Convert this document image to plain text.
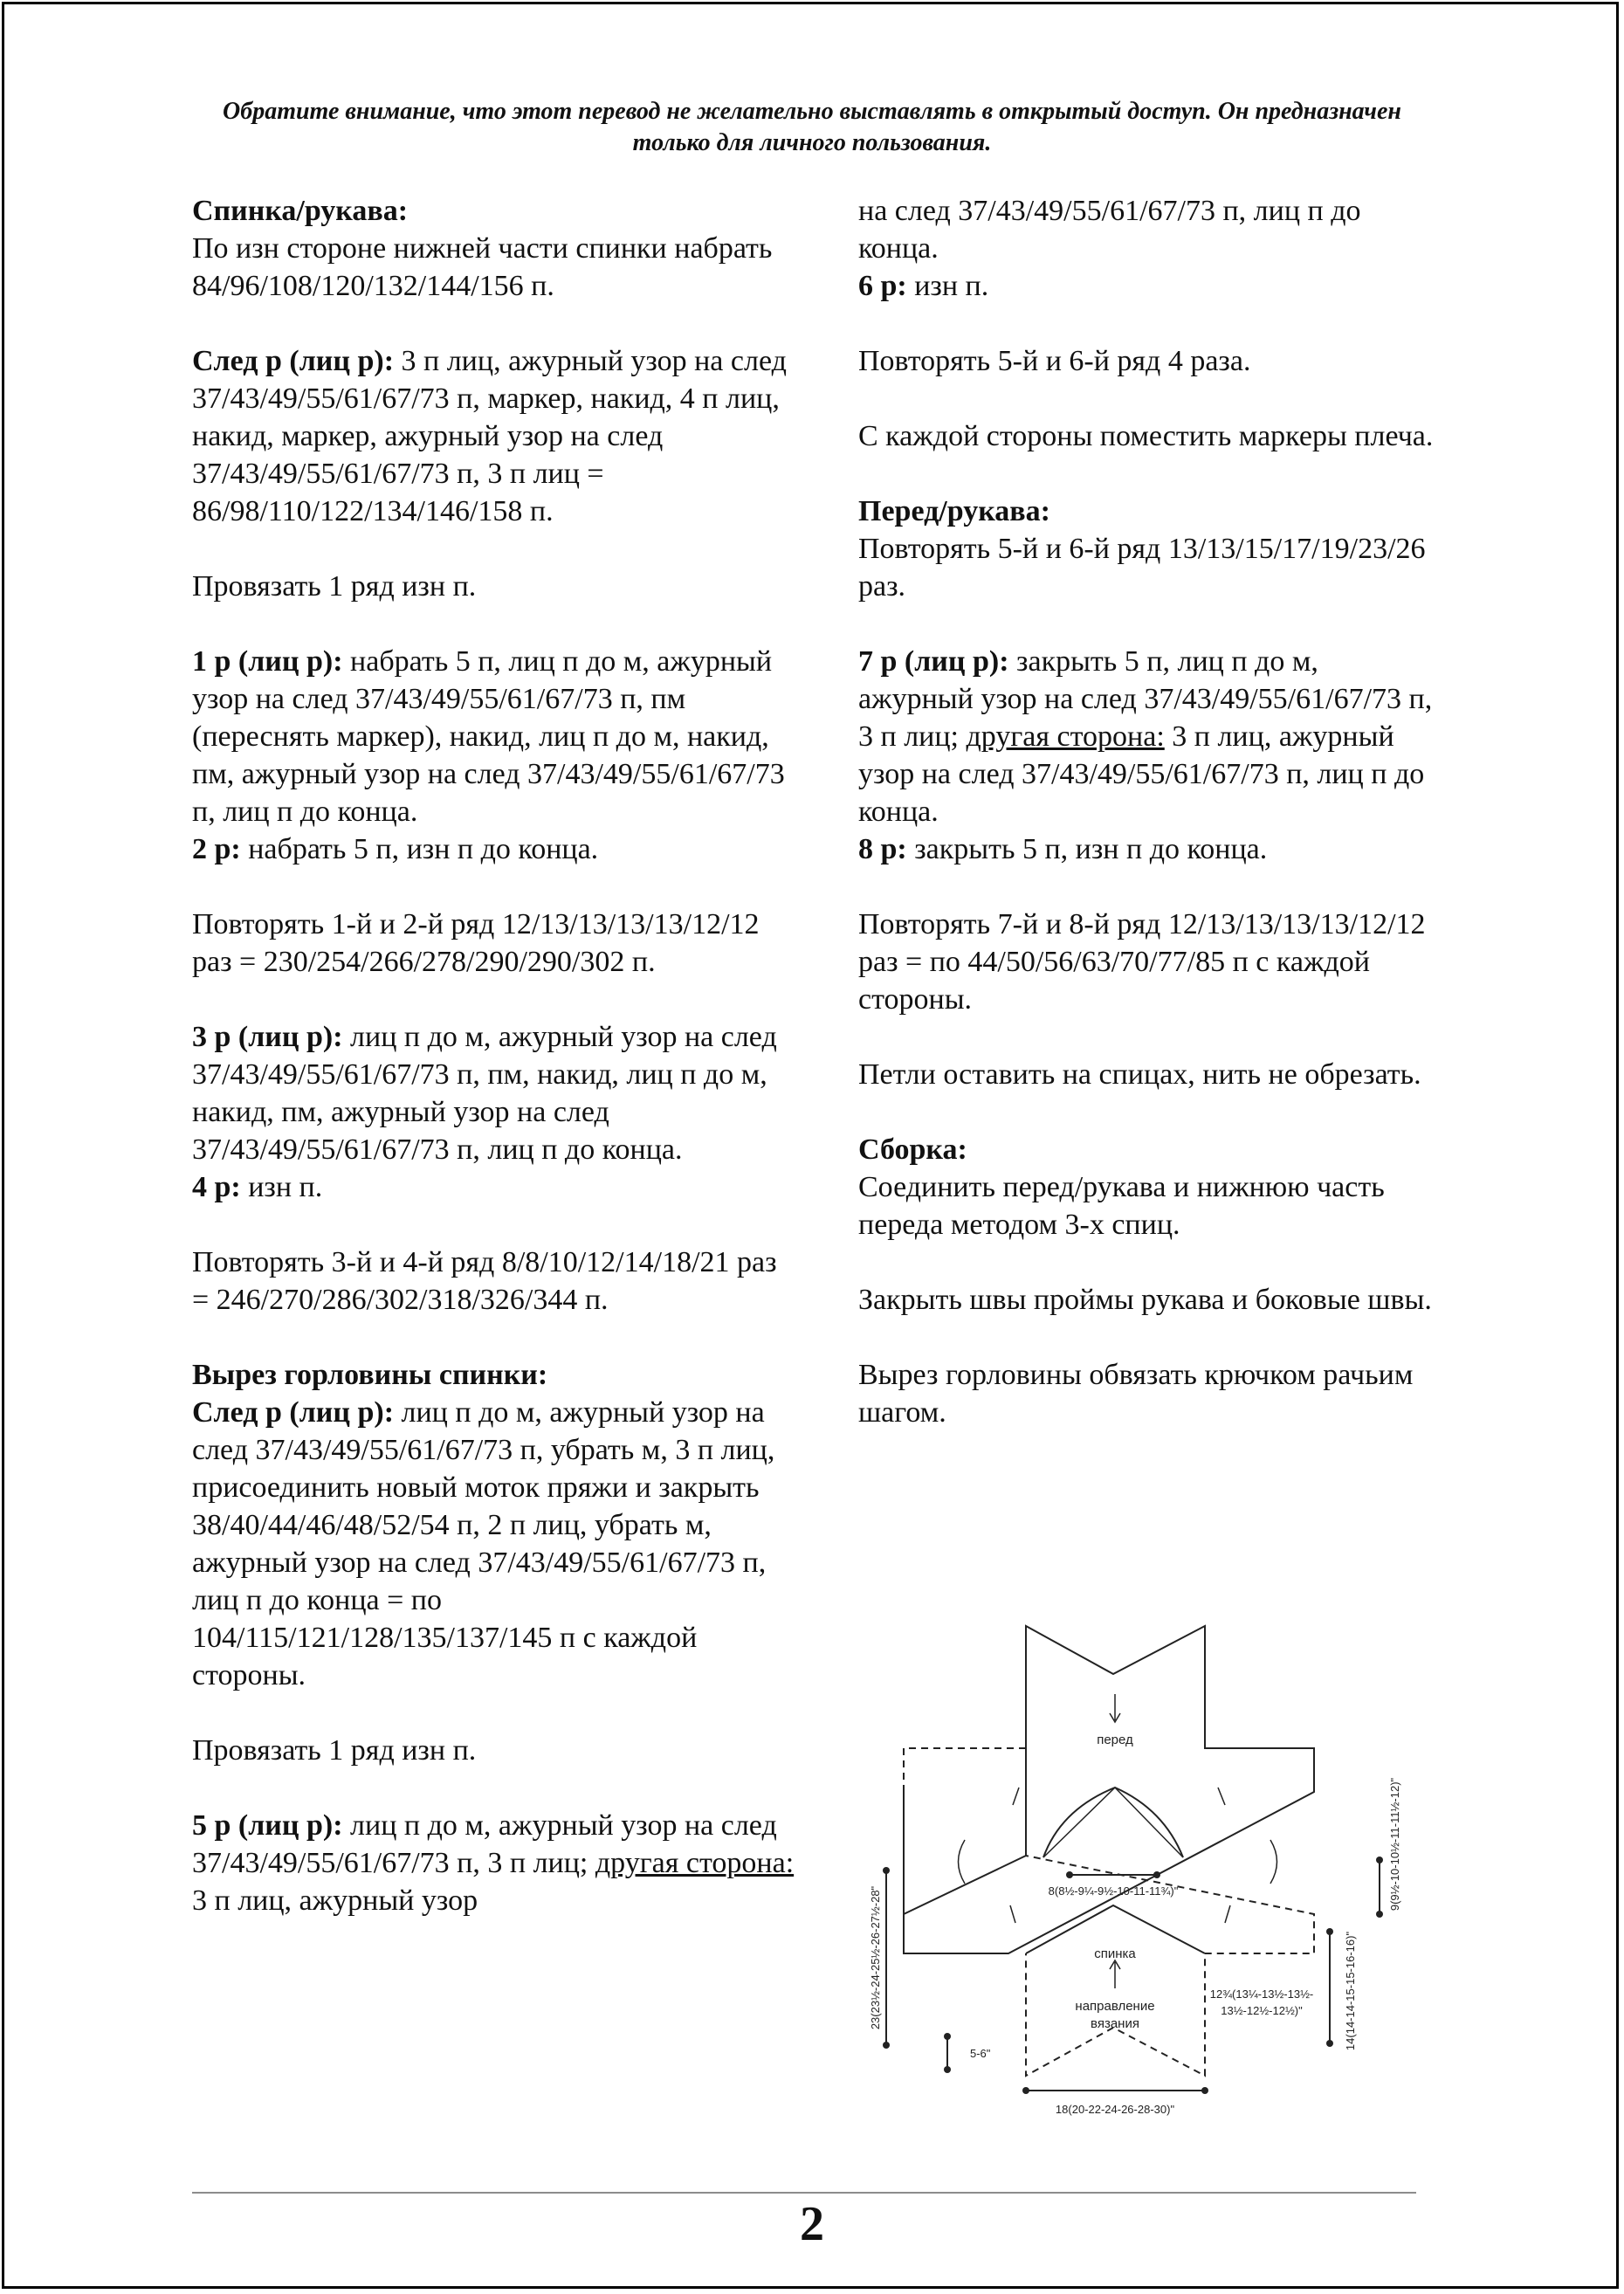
Обратите внимание, что этот перевод не желательно выставлять в открытый доступ. Он предназначен только для личного пользования.

Спинка/рукава:
По изн стороне нижней части спинки набрать 84/96/108/120/132/144/156 п.

След р (лиц р): 3 п лиц, ажурный узор на след 37/43/49/55/61/67/73 п, маркер, накид, 4 п лиц, накид, маркер, ажурный узор на след 37/43/49/55/61/67/73 п, 3 п лиц = 86/98/110/122/134/146/158 п.

Провязать 1 ряд изн п.

1 р (лиц р): набрать 5 п, лиц п до м, ажурный узор на след 37/43/49/55/61/67/73 п, пм (переснять маркер), накид, лиц п до м, накид, пм, ажурный узор на след 37/43/49/55/61/67/73 п, лиц п до конца.

2 р: набрать 5 п, изн п до конца.

Повторять 1-й и 2-й ряд 12/13/13/13/13/12/12 раз = 230/254/266/278/290/290/302 п.

3 р (лиц р): лиц п до м, ажурный узор на след 37/43/49/55/61/67/73 п, пм, накид, лиц п до м, накид, пм, ажурный узор на след 37/43/49/55/61/67/73 п, лиц п до конца.

4 р: изн п.

Повторять 3-й и 4-й ряд 8/8/10/12/14/18/21 раз = 246/270/286/302/318/326/344 п.

Вырез горловины спинки:
След р (лиц р): лиц п до м, ажурный узор на след 37/43/49/55/61/67/73 п, убрать м, 3 п лиц, присоединить новый моток пряжи и закрыть 38/40/44/46/48/52/54 п, 2 п лиц, убрать м, ажурный узор на след 37/43/49/55/61/67/73 п, лиц п до конца = по 104/115/121/128/135/137/145 п с каждой стороны.

Провязать 1 ряд изн п.

5 р (лиц р): лиц п до м, ажурный узор на след 37/43/49/55/61/67/73 п, 3 п лиц; другая сторона: 3 п лиц, ажурный узор

на след 37/43/49/55/61/67/73 п, лиц п до конца.

6 р: изн п.

Повторять 5-й и 6-й ряд 4 раза.

С каждой стороны поместить маркеры плеча.

Перед/рукава:
Повторять 5-й и 6-й ряд 13/13/15/17/19/23/26 раз.

7 р (лиц р): закрыть 5 п, лиц п до м, ажурный узор на след 37/43/49/55/61/67/73 п, 3 п лиц; другая сторона: 3 п лиц, ажурный узор на след 37/43/49/55/61/67/73 п, лиц п до конца.

8 р: закрыть 5 п, изн п до конца.

Повторять 7-й и 8-й ряд 12/13/13/13/13/12/12 раз = по 44/50/56/63/70/77/85 п с каждой стороны.

Петли оставить на спицах, нить не обрезать.

Сборка:
Соединить перед/рукава и нижнюю часть переда методом 3-х спиц.

Закрыть швы проймы рукава и боковые швы.

Вырез горловины обвязать крючком рачьим шагом.

перед
спинка
направление
вязания
8(8½-9¼-9½-10-11-11¾)"
23(23½-24-25½-26-27½-28"
9(9½-10-10½-11-11½-12)"
14(14-14-15-15-16-16)"
12¾(13¼-13½-13½-
13½-12½-12½)"
5-6"
18(20-22-24-26-28-30)"
2
